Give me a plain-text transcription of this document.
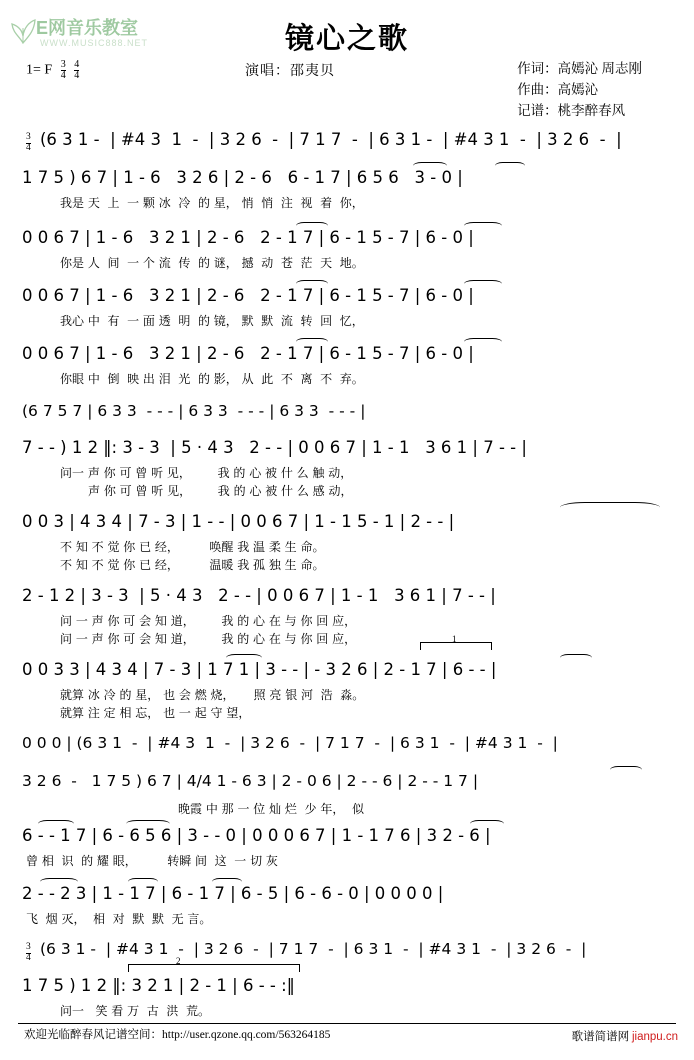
E网音乐教室
WWW.MUSIC888.NET	镜心之歌
演唱：邵夷贝	作词：高嫣沁 周志刚
作曲：高嫣沁
记谱：桃李醉春风
1= F $\frac{3}{4}$
$\frac{4}{4}$
$\frac{3}{4} (6$ 3 1 -  | #4 3  1  -  | 3 2 6  -  | 7 1 7  -  | 6 3 1 -  | #4 3 1  -  | 3 2 6  -  |
1 7 5 ) 6 7 | 1 - 6   3 2 6 | 2 - 6   6 - 1 7 | 6 5 6   3 - 0 |
我是 天  上  一 颗 冰  冷  的 星， 悄  悄  注  视  着  你，
0 0 6 7 | 1 - 6   3 2 1 | 2 - 6   2 - 1 7 | 6 - 1 5 - 7 | 6 - 0 |
你是 人  间  一 个 流  传  的 谜， 撼  动  苍  茫  天  地。
0 0 6 7 | 1 - 6   3 2 1 | 2 - 6   2 - 1 7 | 6 - 1 5 - 7 | 6 - 0 |
我心 中  有  一 面 透  明  的 镜， 默  默  流  转  回  忆，
0 0 6 7 | 1 - 6   3 2 1 | 2 - 6   2 - 1 7 | 6 - 1 5 - 7 | 6 - 0 |
你眼 中  倒  映 出 泪  光  的 影， 从  此  不  离  不  弃。
(6 7 5 7 | 6 3 3  - - - | 6 3 3  - - - | 6 3 3  - - - |
7 - - ) 1 2 ‖: 3 - 3  | 5 · 4 3   2 - - | 0 0 6 7 | 1 - 1   3 6 1 | 7 - - |
问一 声 你 可 曾 听 见，       我 的 心 被 什 么 触 动，
声 你 可 曾 听 见，       我 的 心 被 什 么 感 动，
0 0 3 | 4 3 4 | 7 - 3 | 1 - - | 0 0 6 7 | 1 - 1 5 - 1 | 2 - - |
不 知 不 觉 你 已 经，        唤醒 我 温 柔 生 命。
不 知 不 觉 你 已 经，        温暖 我 孤 独 生 命。
2 - 1 2 | 3 - 3  | 5 · 4 3   2 - - | 0 0 6 7 | 1 - 1   3 6 1 | 7 - - |
问 一 声 你 可 会 知 道，       我 的 心 在 与 你 回 应，
问 一 声 你 可 会 知 道，       我 的 心 在 与 你 回 应，	1
0 0 3 3 | 4 3 4 | 7 - 3 | 1 7 1 | 3 - - | - 3 2 6 | 2 - 1 7 | 6 - - |
就算 冰 冷 的 星， 也 会 燃 烧，     照 亮 银 河  浩  淼。
就算 注 定 相 忘， 也 一 起 守 望，
0 0 0 | (6 3 1  -  | #4 3  1  -  | 3 2 6  -  | 7 1 7  -  | 6 3 1  -  | #4 3 1  -  |
3 2 6  -   1 7 5 ) 6 7 | 4/4 1 - 6 3 | 2 - 0 6 | 2 - - 6 | 2 - - 1 7 |
晚霞 中 那 一 位 灿 烂  少 年，  似
6 - - 1 7 | 6 - 6 5 6 | 3 - - 0 | 0 0 0 6 7 | 1 - 1 7 6 | 3 2 - 6 |
曾 相  识  的 耀 眼，        转瞬 间  这  一 切 灰
2 - - 2 3 | 1 - 1 7 | 6 - 1 7 | 6 - 5 | 6 - 6 - 0 | 0 0 0 0 |
飞  烟 灭，  相  对  默  默  无 言。
$\frac{3}{4} (6$ 3 1 -  | #4 3 1  -  | 3 2 6  -  | 7 1 7  -  | 6 3 1  -  | #4 3 1  -  | 3 2 6  -  |
1 7 5 ) 1 2 ‖: 3 2 1 | 2 - 1 | 6 - - :‖
2
问一   笑 看 万  古  洪  荒。
欢迎光临醉春风记谱空间：http://user.qzone.qq.com/563264185	歌谱简谱网 jianpu.cn
